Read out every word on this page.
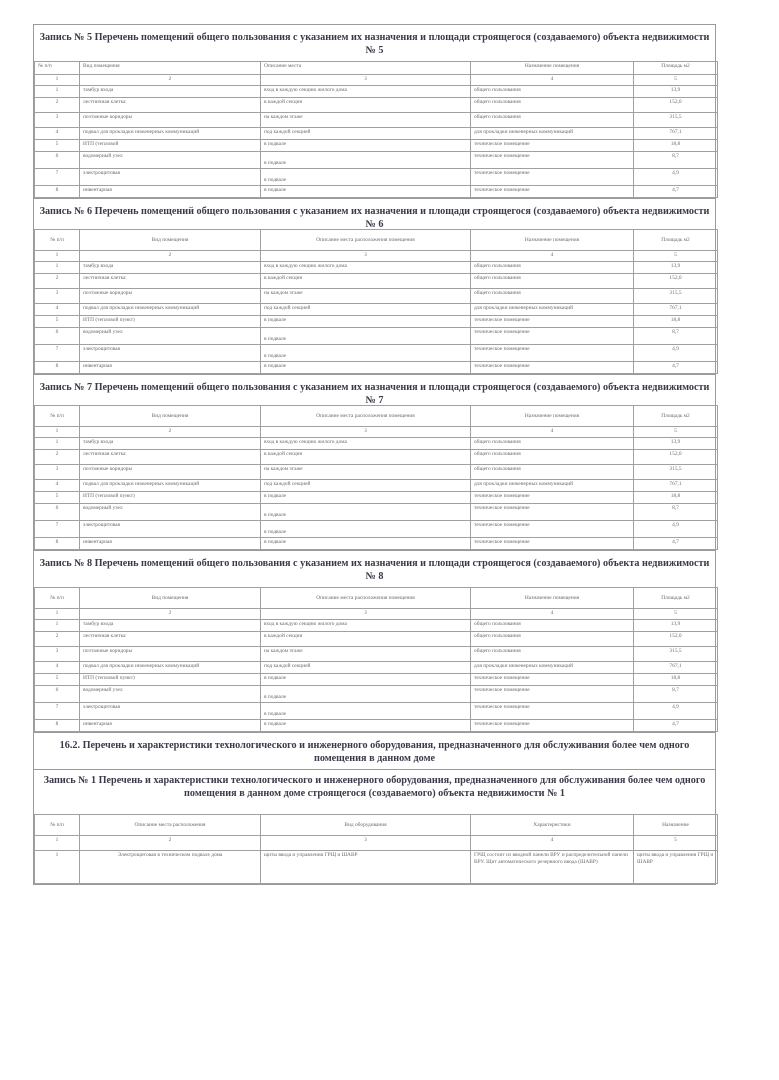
Запись № 5 Перечень помещений общего пользования с указанием их назначения и площади строящегося (создаваемого) объекта недвижимости № 5
№ п/п	Вид помещения	Описание места	Назначение помещения	Площадь м2
1	2	3	4	5
1	тамбур входа	вход в каждую секцию жилого дома	общего пользования	13,9
2	лестничная клетка	в каждой секции	общего пользования	152,0
3	поэтажные коридоры	на каждом этаже	общего пользования	315,5
4	подвал для прокладки инженерных коммуникаций	под каждой секцией	для прокладки инженерных коммуникаций	767,1
5	ИТП (тепловой	в подвале	техническое помещение	18,8
6	водомерный узел	в подвале	техническое помещение	8,7
7	электрощитовая	в подвале	техническое помещение	4,9
8	инвентарная	в подвале	техническое помещение	4,7
Запись № 6 Перечень помещений общего пользования с указанием их назначения и площади строящегося (создаваемого) объекта недвижимости № 6
№ п/п	Вид помещения	Описание места расположения помещения	Назначение помещения	Площадь м2
1	2	3	4	5
1	тамбур входа	вход в каждую секцию жилого дома	общего пользования	13,9
2	лестничная клетка	в каждой секции	общего пользования	152,0
3	поэтажные коридоры	на каждом этаже	общего пользования	315,5
4	подвал для прокладки инженерных коммуникаций	под каждой секцией	для прокладки инженерных коммуникаций	767,1
5	ИТП (тепловой пункт)	в подвале	техническое помещение	18,8
6	водомерный узел	в подвале	техническое помещение	8,7
7	электрощитовая	в подвале	техническое помещение	4,9
8	инвентарная	в подвале	техническое помещение	4,7
Запись № 7 Перечень помещений общего пользования с указанием их назначения и площади строящегося (создаваемого) объекта недвижимости № 7
№ п/п	Вид помещения	Описание места расположения помещения	Назначение помещения	Площадь м2
1	2	3	4	5
1	тамбур входа	вход в каждую секцию жилого дома	общего пользования	13,9
2	лестничная клетка	в каждой секции	общего пользования	152,0
3	поэтажные коридоры	на каждом этаже	общего пользования	315,5
4	подвал для прокладки инженерных коммуникаций	под каждой секцией	для прокладки инженерных коммуникаций	767,1
5	ИТП (тепловой пункт)	в подвале	техническое помещение	18,8
6	водомерный узел	в подвале	техническое помещение	8,7
7	электрощитовая	в подвале	техническое помещение	4,9
8	инвентарная	в подвале	техническое помещение	4,7
Запись № 8 Перечень помещений общего пользования с указанием их назначения и площади строящегося (создаваемого) объекта недвижимости № 8
№ п/п	Вид помещения	Описание места расположения помещения	Назначение помещения	Площадь м2
1	2	3	4	5
1	тамбур входа	вход в каждую секцию жилого дома	общего пользования	13,9
2	лестничная клетка	в каждой секции	общего пользования	152,0
3	поэтажные коридоры	на каждом этаже	общего пользования	315,5
4	подвал для прокладки инженерных коммуникаций	под каждой секцией	для прокладки инженерных коммуникаций	767,1
5	ИТП (тепловой пункт)	в подвале	техническое помещение	18,8
6	водомерный узел	в подвале	техническое помещение	8,7
7	электрощитовая	в подвале	техническое помещение	4,9
8	инвентарная	в подвале	техническое помещение	4,7
16.2. Перечень и характеристики технологического и инженерного оборудования, предназначенного для обслуживания более чем одного помещения в данном доме
Запись № 1 Перечень и характеристики технологического и инженерного оборудования, предназначенного для обслуживания более чем одного помещения в данном доме строящегося (создаваемого) объекта недвижимости № 1
№ п/п	Описание места расположения	Вид оборудования	Характеристики	Назначение
1	2	3	4	5
1	Электрощитовая в техническом подвале дома	щиты ввода и управления ГРЩ и ШАВР	ГРЩ состоит из вводной панели ВРУ и распределительной панели ВРУ. Щит автоматического резервного ввода (ШАВР)	щиты ввода и управления ГРЩ и ШАВР
